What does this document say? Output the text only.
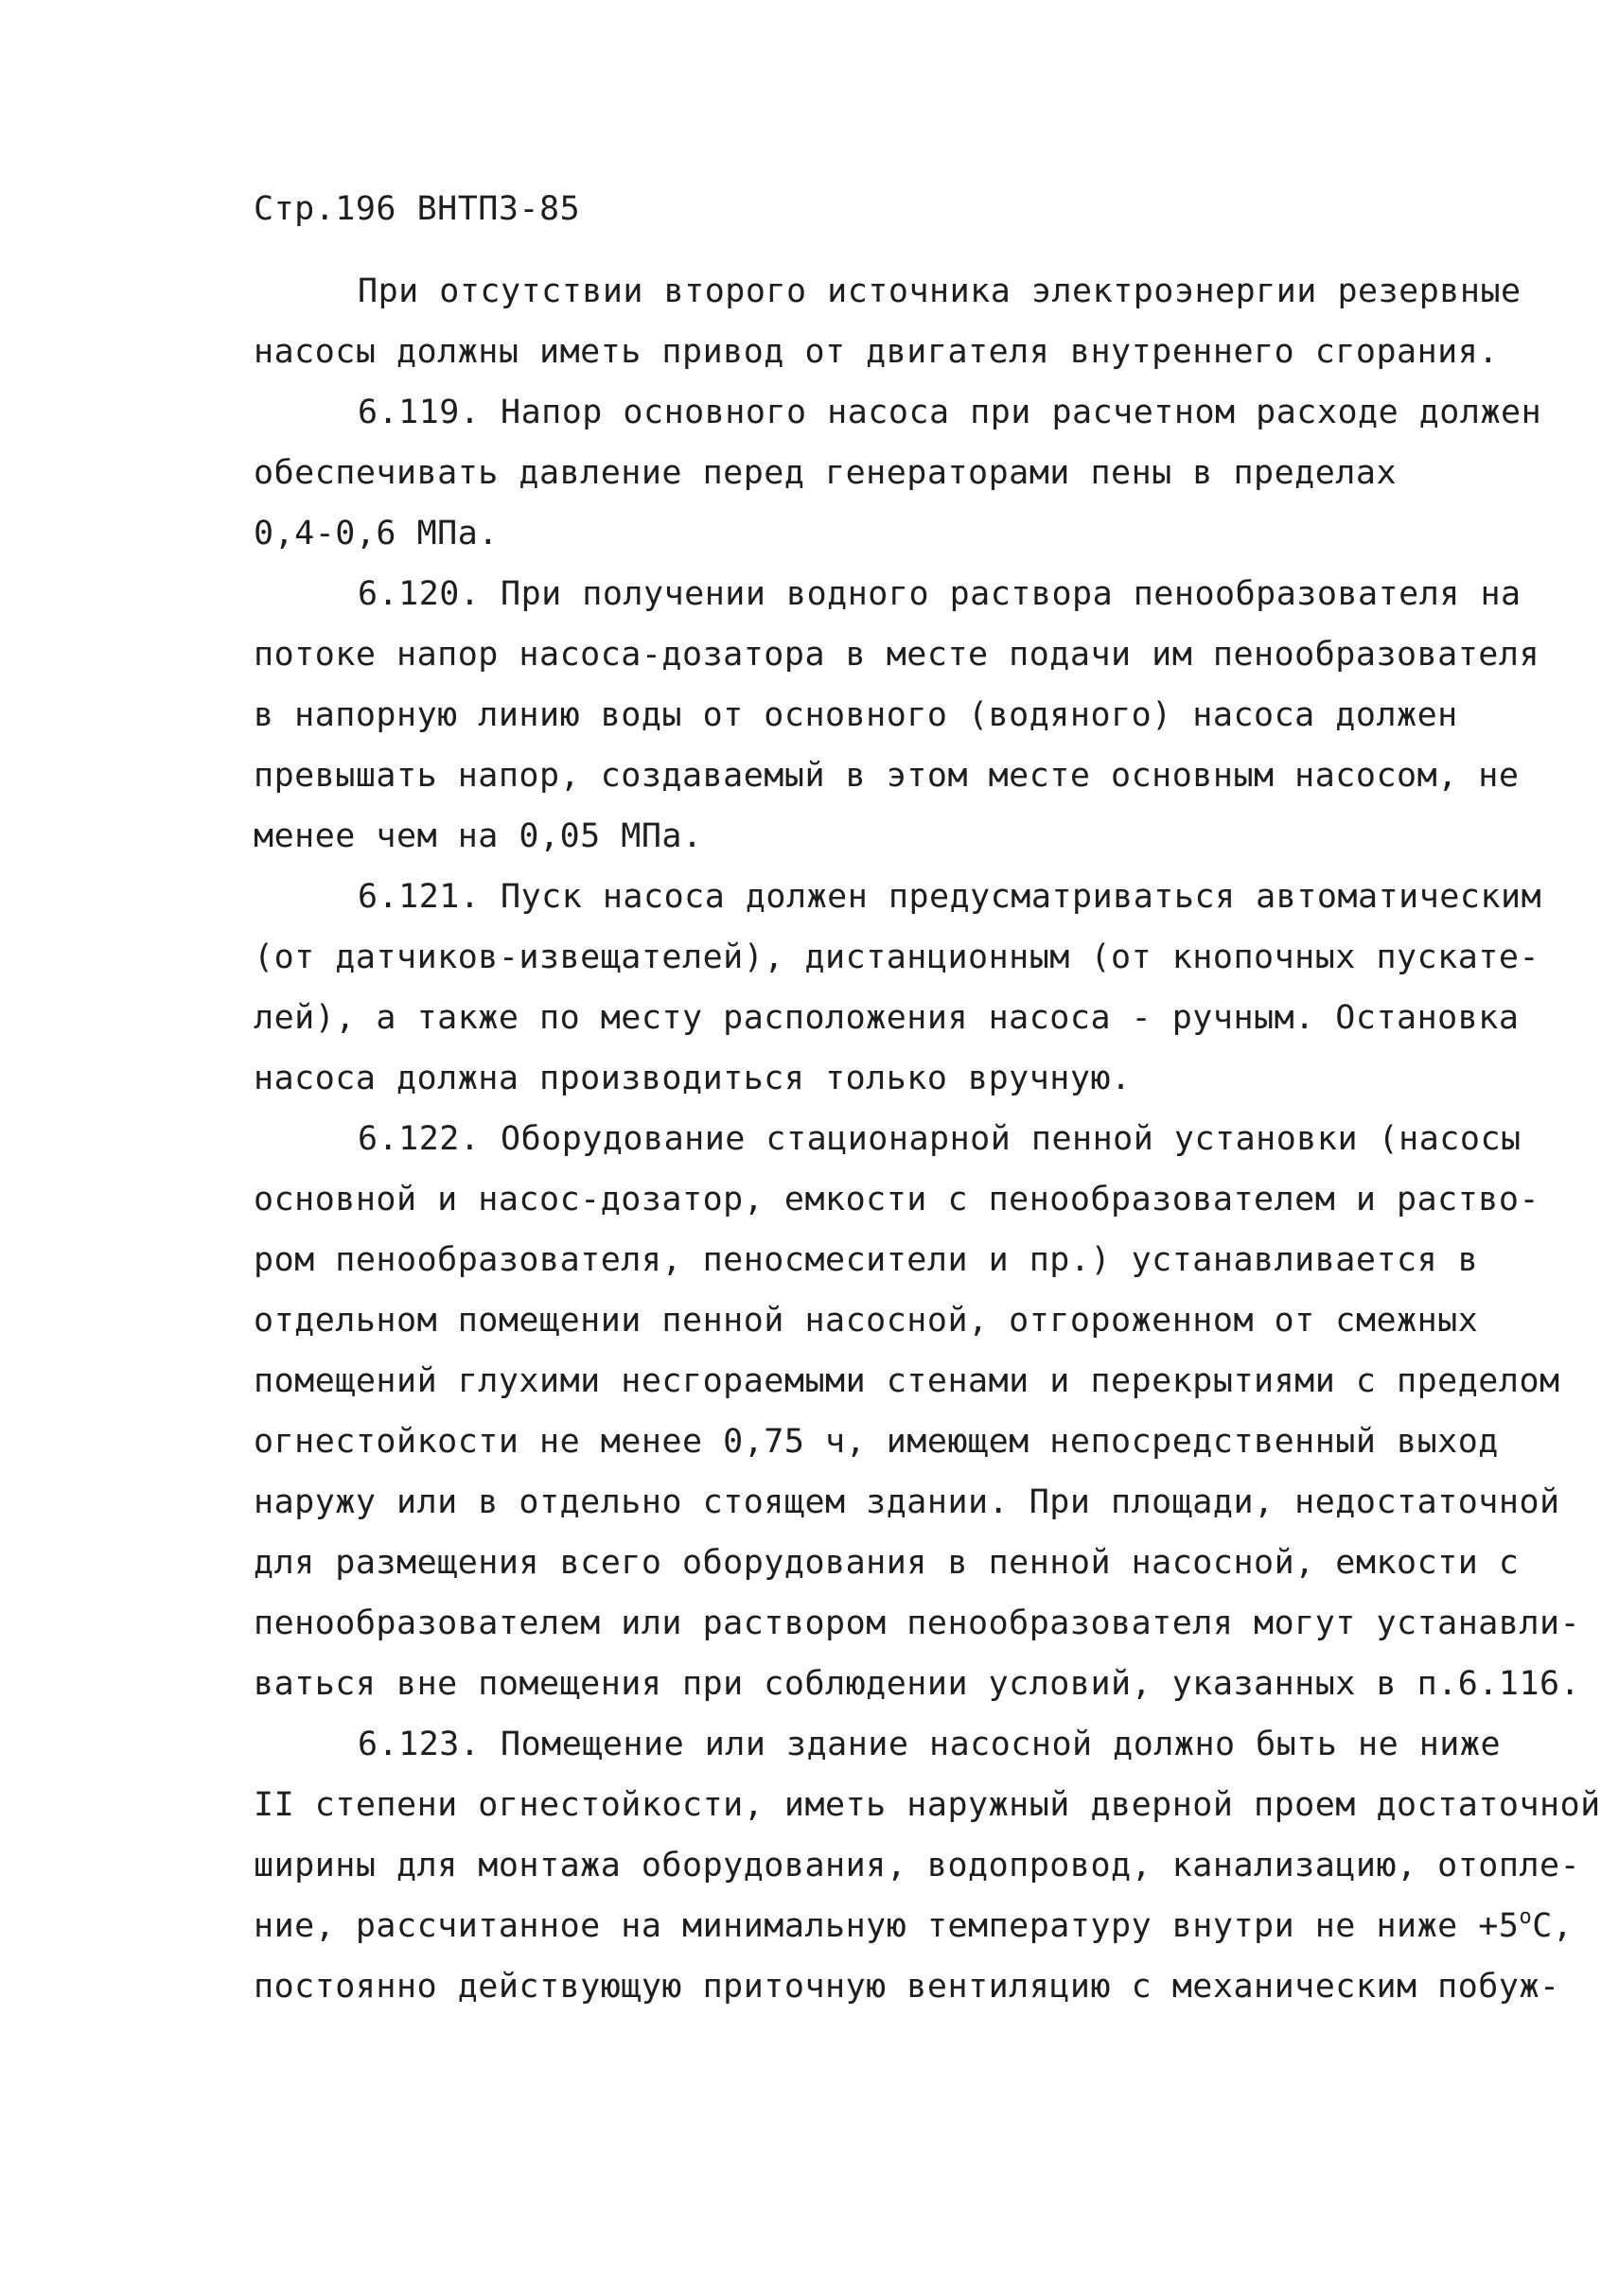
Стр.196 ВНТПЗ-85
При отсутствии второго источника электроэнергии резервные
насосы должны иметь привод от двигателя внутреннего сгорания.
6.119. Напор основного насоса при расчетном расходе должен
обеспечивать давление перед генераторами пены в пределах
0,4-0,6 МПа.
6.120. При получении водного раствора пенообразователя на
потоке напор насоса-дозатора в месте подачи им пенообразователя
в напорную линию воды от основного (водяного) насоса должен
превышать напор, создаваемый в этом месте основным насосом, не
менее чем на 0,05 МПа.
6.121. Пуск насоса должен предусматриваться автоматическим
(от датчиков-извещателей), дистанционным (от кнопочных пускате-
лей), а также по месту расположения насоса - ручным. Остановка
насоса должна производиться только вручную.
6.122. Оборудование стационарной пенной установки (насосы
основной и насос-дозатор, емкости с пенообразователем и раство-
ром пенообразователя, пеносмесители и пр.) устанавливается в
отдельном помещении пенной насосной, отгороженном от смежных
помещений глухими несгораемыми стенами и перекрытиями с пределом
огнестойкости не менее 0,75 ч, имеющем непосредственный выход
наружу или в отдельно стоящем здании. При площади, недостаточной
для размещения всего оборудования в пенной насосной, емкости с
пенообразователем или раствором пенообразователя могут устанавли-
ваться вне помещения при соблюдении условий, указанных в п.6.116.
6.123. Помещение или здание насосной должно быть не ниже
II степени огнестойкости, иметь наружный дверной проем достаточной
ширины для монтажа оборудования, водопровод, канализацию, отопле-
ние, рассчитанное на минимальную температуру внутри не ниже $+5^оС$,
постоянно действующую приточную вентиляцию с механическим побуж-
